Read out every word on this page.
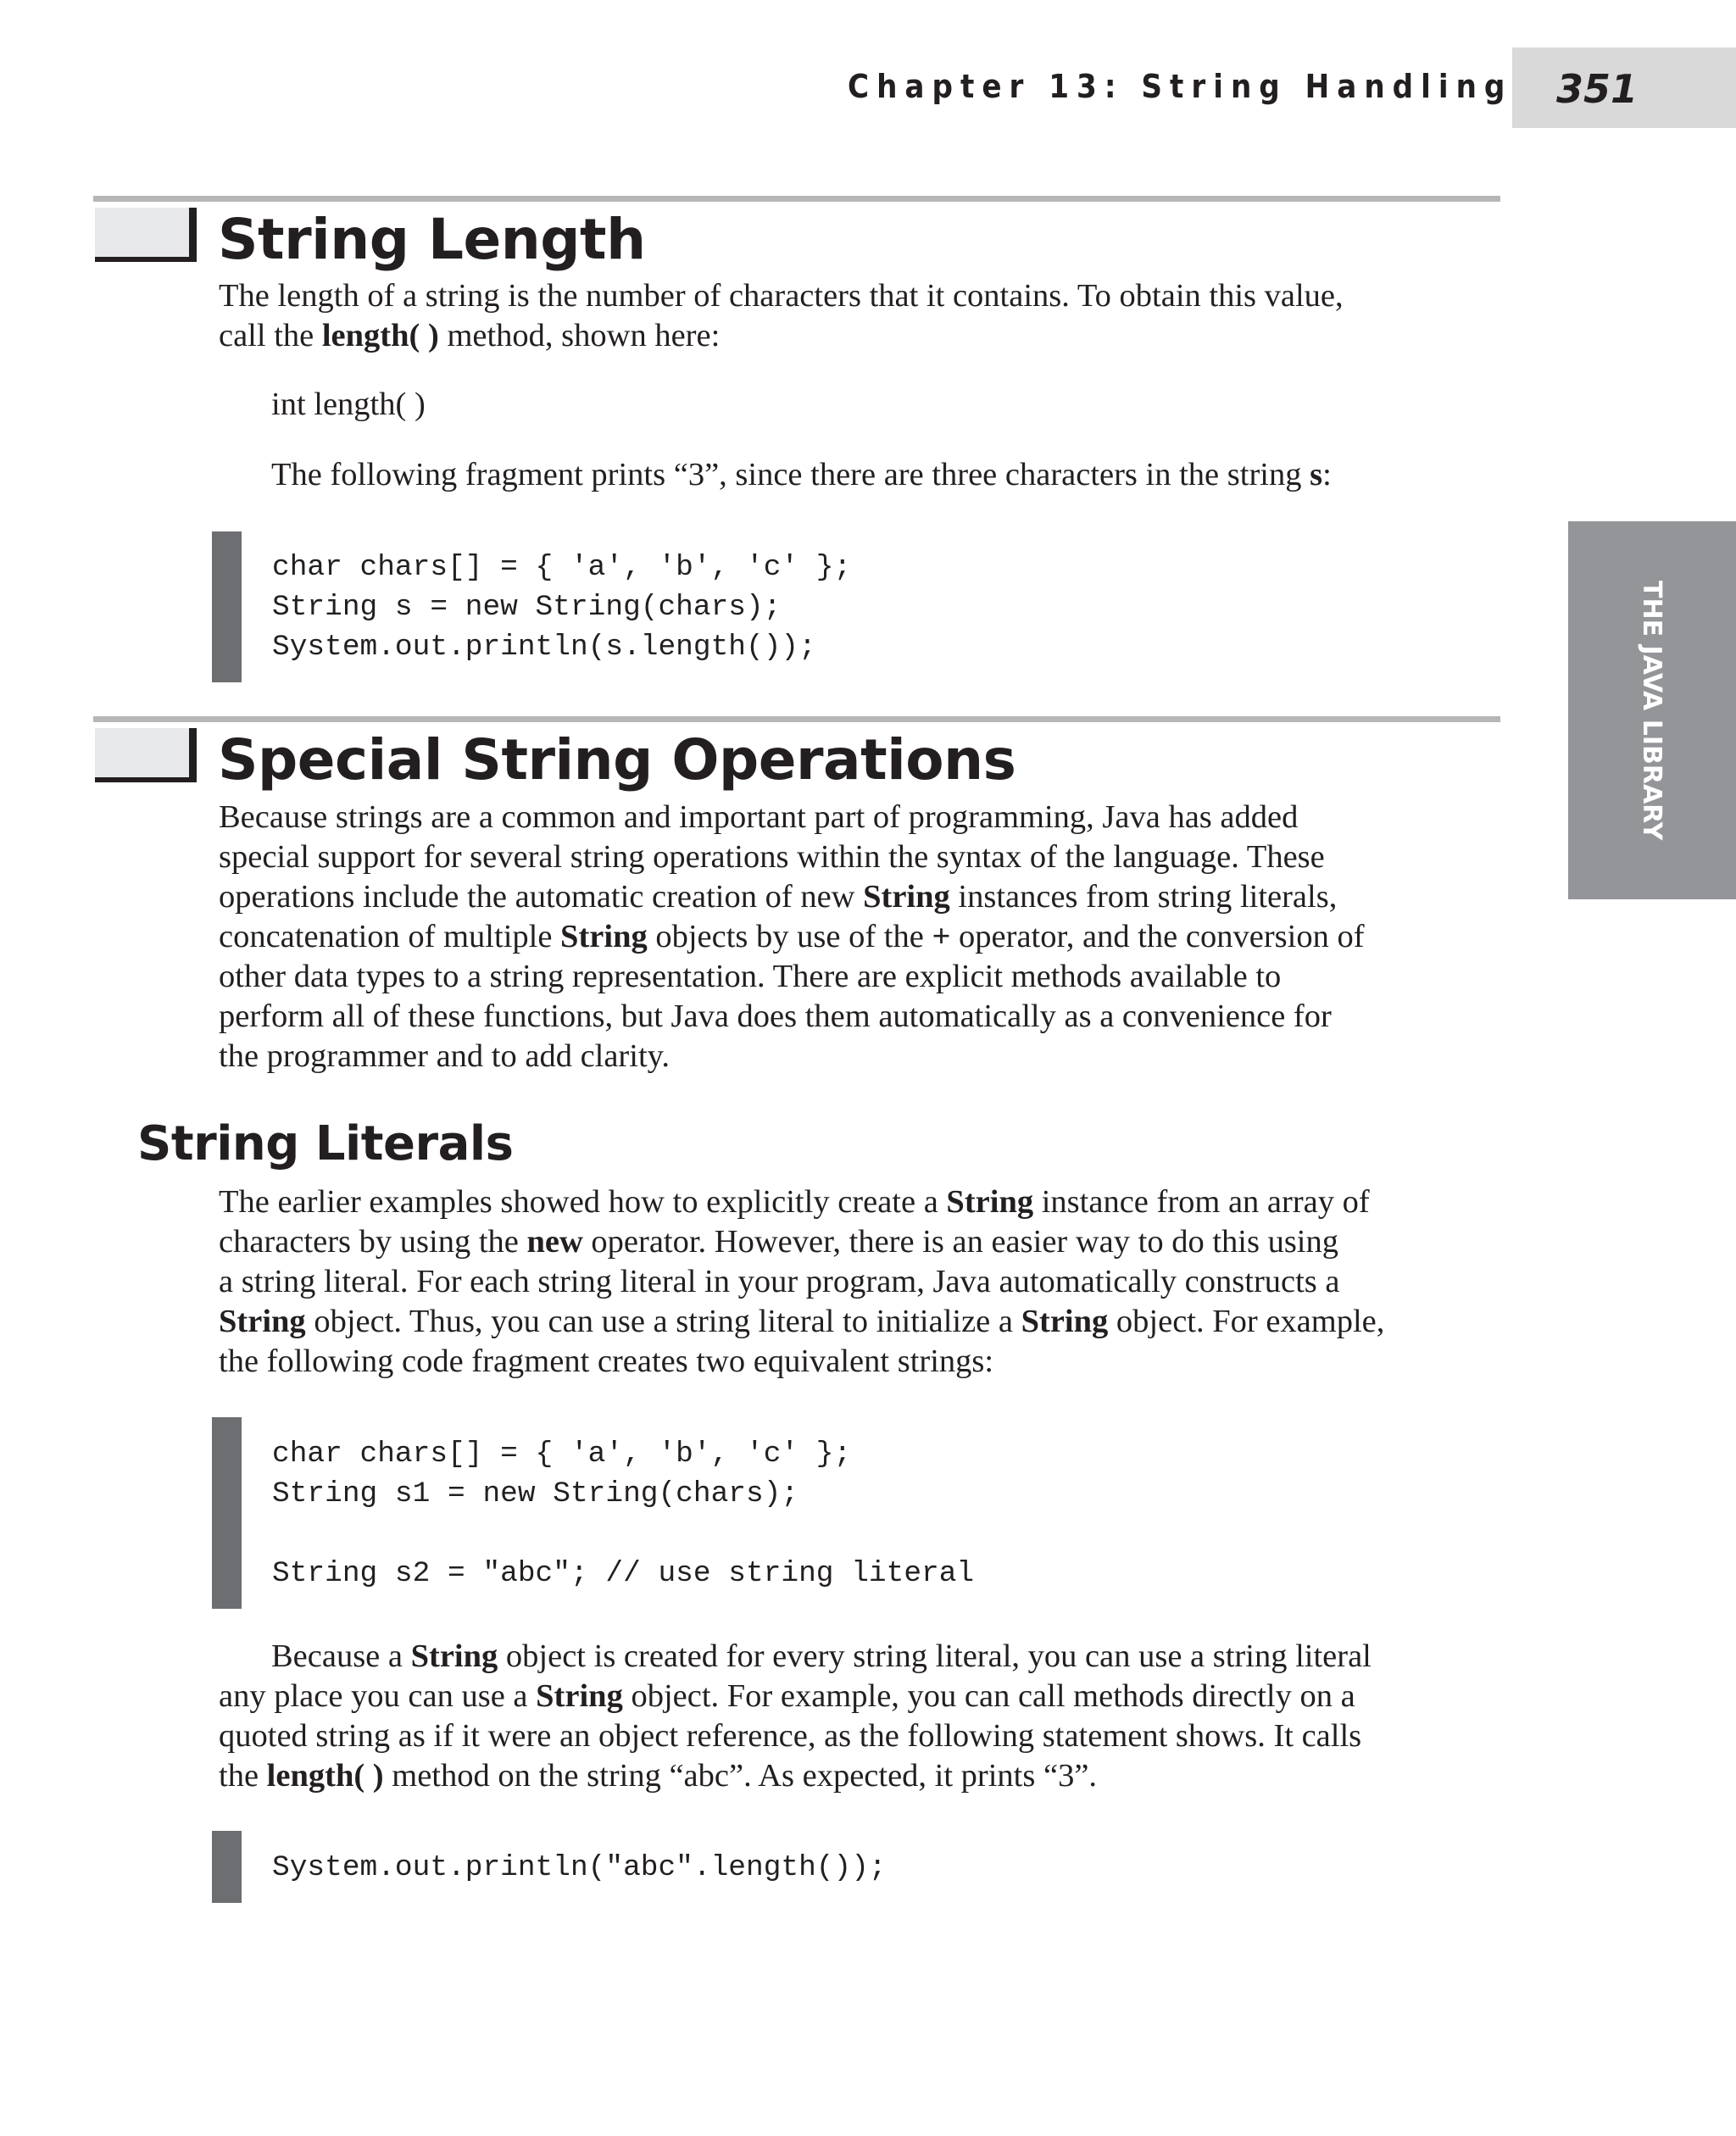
Chapter 13: String Handling 351
THE JAVA LIBRARY
String Length

The length of a string is the number of characters that it contains. To obtain this value,

call the length( ) method, shown here:

int length( )

The following fragment prints “3”, since there are three characters in the string s:

char chars[] = { 'a', 'b', 'c' };

String s = new String(chars);

System.out.println(s.length());

Special String Operations

Because strings are a common and important part of programming, Java has added

special support for several string operations within the syntax of the language. These

operations include the automatic creation of new String instances from string literals,

concatenation of multiple String objects by use of the + operator, and the conversion of

other data types to a string representation. There are explicit methods available to

perform all of these functions, but Java does them automatically as a convenience for

the programmer and to add clarity.

String Literals

The earlier examples showed how to explicitly create a String instance from an array of

characters by using the new operator. However, there is an easier way to do this using

a string literal. For each string literal in your program, Java automatically constructs a

String object. Thus, you can use a string literal to initialize a String object. For example,

the following code fragment creates two equivalent strings:

char chars[] = { 'a', 'b', 'c' };

String s1 = new String(chars);

String s2 = "abc"; // use string literal

Because a String object is created for every string literal, you can use a string literal

any place you can use a String object. For example, you can call methods directly on a

quoted string as if it were an object reference, as the following statement shows. It calls

the length( ) method on the string “abc”. As expected, it prints “3”.

System.out.println("abc".length());
